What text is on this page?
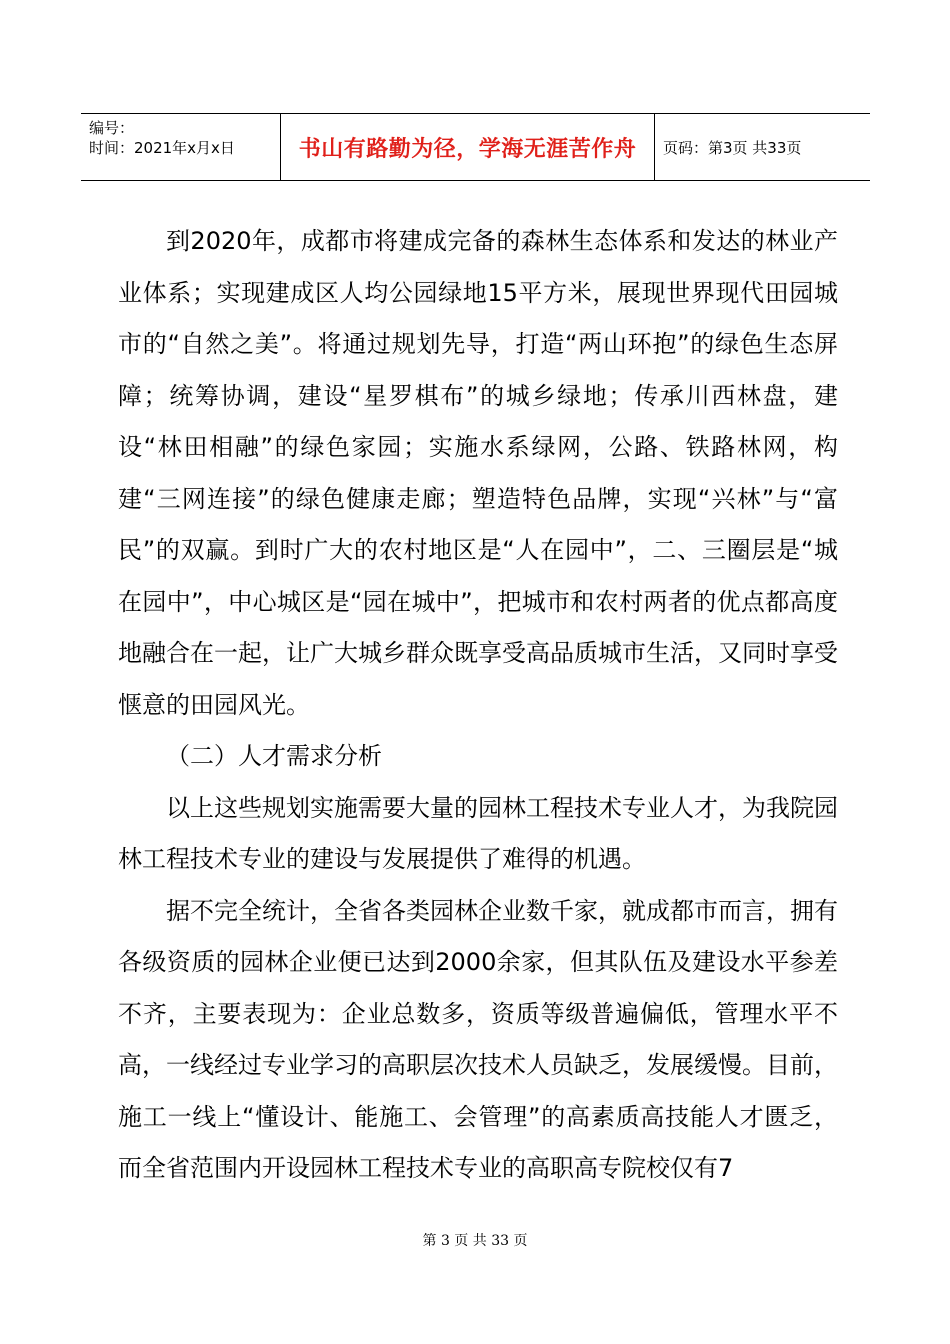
编号：
时间：2021年x月x日	书山有路勤为径，学海无涯苦作舟	页码：第3页 共33页

到2020年，成都市将建成完备的森林生态体系和发达的林业产业体系；实现建成区人均公园绿地15平方米，展现世界现代田园城市的“自然之美”。将通过规划先导，打造“两山环抱”的绿色生态屏障；统筹协调，建设“星罗棋布”的城乡绿地；传承川西林盘，建设“林田相融”的绿色家园；实施水系绿网，公路、铁路林网，构建“三网连接”的绿色健康走廊；塑造特色品牌，实现“兴林”与“富民”的双赢。到时广大的农村地区是“人在园中”，二、三圈层是“城在园中”，中心城区是“园在城中”，把城市和农村两者的优点都高度地融合在一起，让广大城乡群众既享受高品质城市生活，又同时享受惬意的田园风光。

（二）人才需求分析

以上这些规划实施需要大量的园林工程技术专业人才，为我院园林工程技术专业的建设与发展提供了难得的机遇。

据不完全统计，全省各类园林企业数千家，就成都市而言，拥有各级资质的园林企业便已达到2000余家，但其队伍及建设水平参差不齐，主要表现为：企业总数多，资质等级普遍偏低，管理水平不高，一线经过专业学习的高职层次技术人员缺乏，发展缓慢。目前，施工一线上“懂设计、能施工、会管理”的高素质高技能人才匮乏，而全省范围内开设园林工程技术专业的高职高专院校仅有7

第 3 页 共 33 页
